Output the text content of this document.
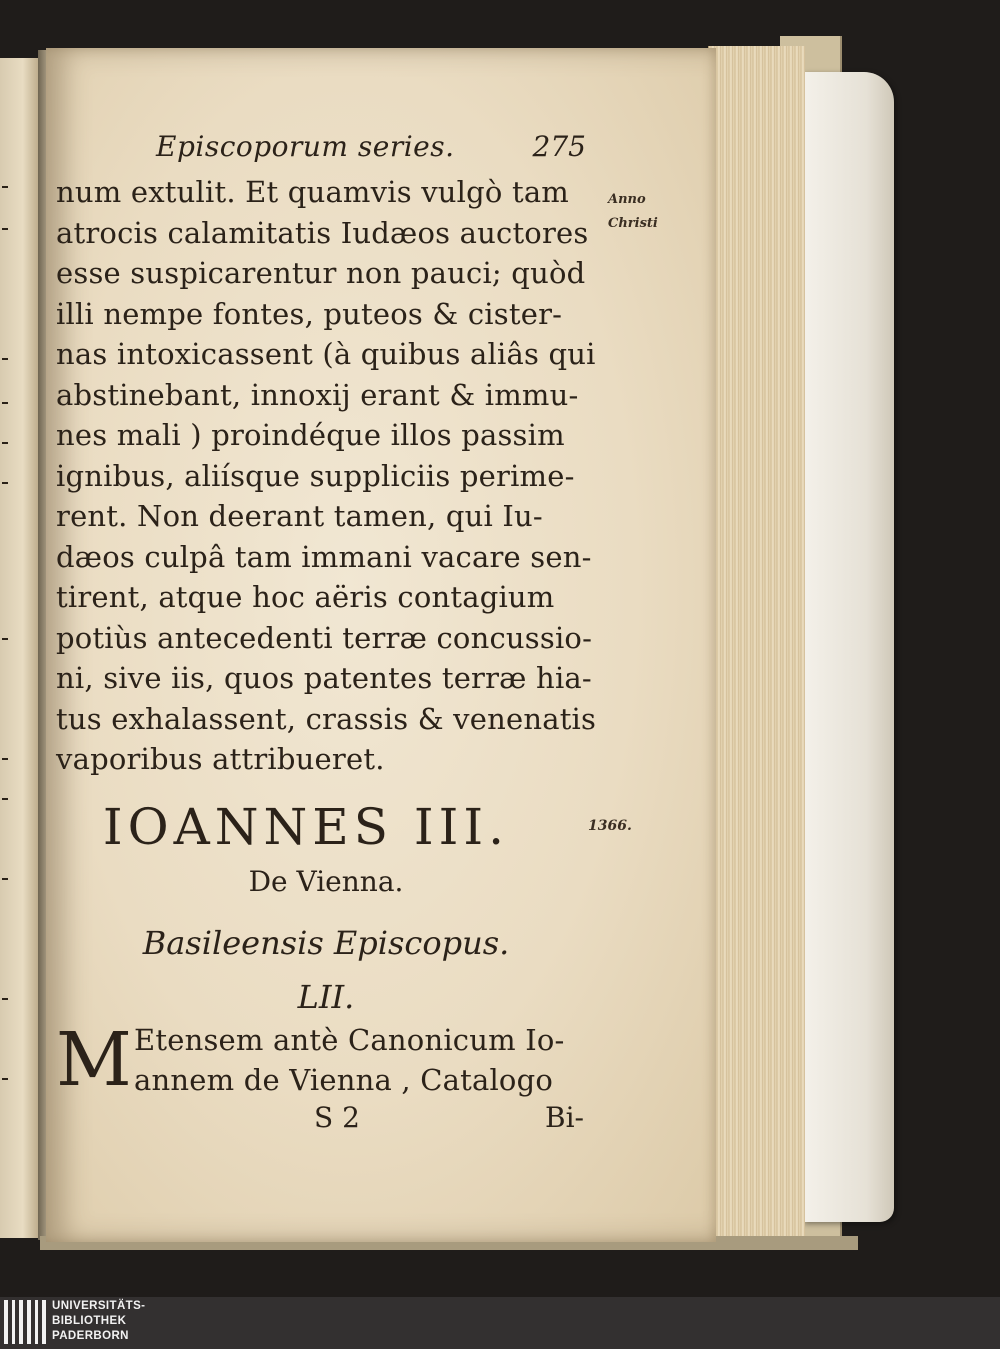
Episcoporum series.	275
num extulit. Et quamvis vulgò tam
atrocis calamitatis Iudæos auctores
esse suspicarentur non pauci; quòd
illi nempe fontes, puteos & cister-
nas intoxicassent (à quibus aliâs qui
abstinebant, innoxij erant & immu-
nes mali ) proindéque illos passim
ignibus, aliísque suppliciis perime-
rent. Non deerant tamen, qui Iu-
dæos culpâ tam immani vacare sen-
tirent, atque hoc aëris contagium
potiùs antecedenti terræ concussio-
ni, sive iis, quos patentes terræ hia-
tus exhalassent, crassis & venenatis
vaporibus attribueret.
IOANNES III.
De Vienna.
Basileensis Episcopus.
LII.
M Etensem antè Canonicum Io-
annem de Vienna , Catalogo
S 2	Bi-
Anno
Christi
1366.
UNIVERSITÄTS-
BIBLIOTHEK
PADERBORN
